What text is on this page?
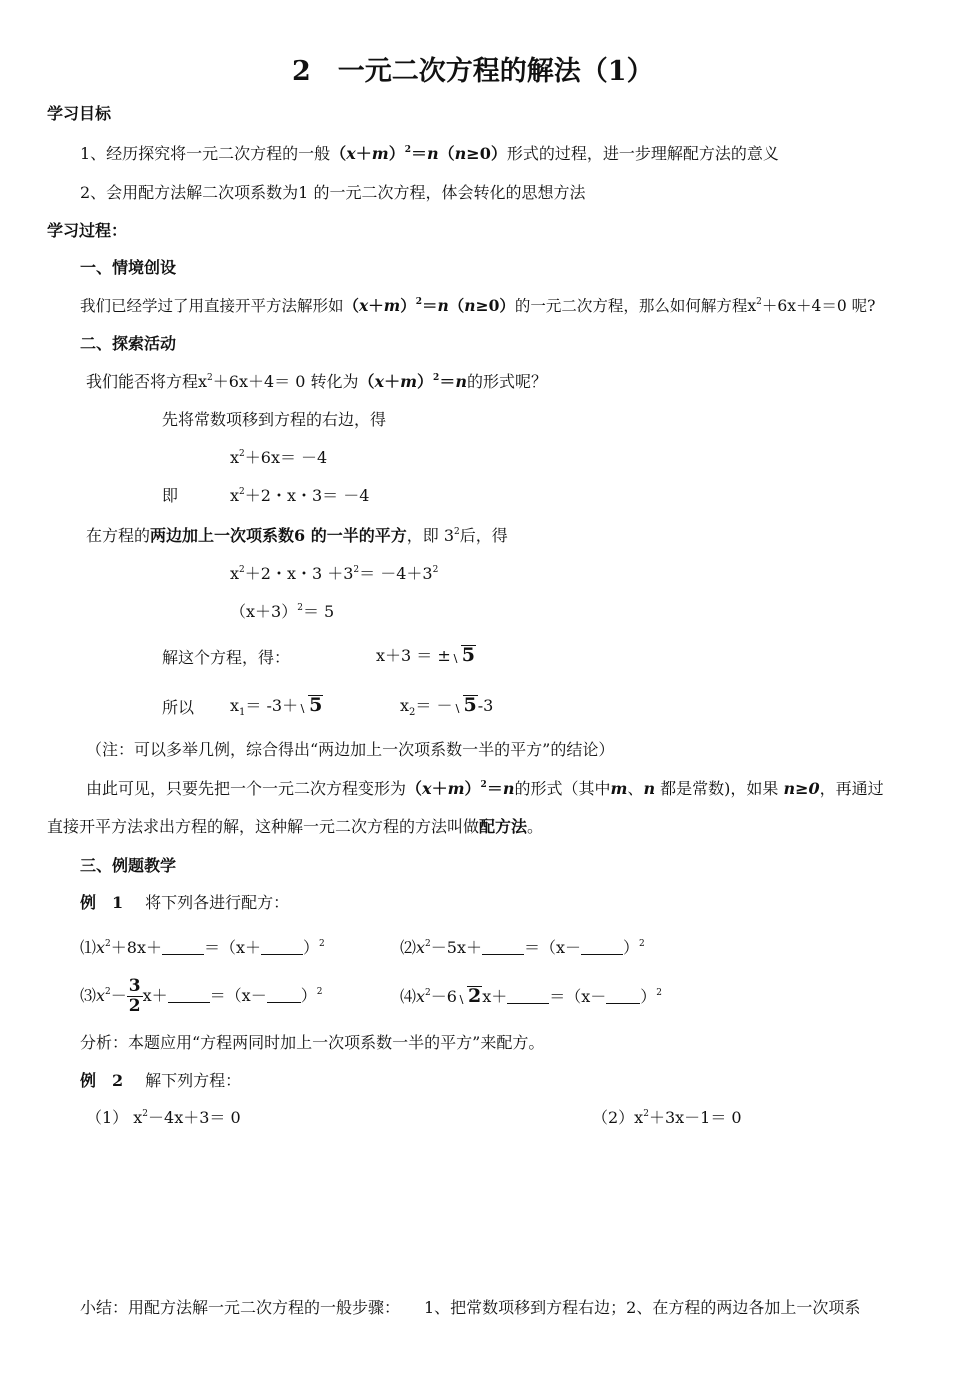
2　一元二次方程的解法（1）
学习目标
1、经历探究将一元二次方程的一般$(x+m)^2=n(n\ge 0)$形式的过程，进一步理解配方法的意义
2、会用配方法解二次项系数为1 的一元二次方程，体会转化的思想方法
学习过程：
一、情境创设
我们已经学过了用直接开平方法解形如$(x+m)^2=n(n\ge 0)$的一元二次方程，那么如何解方程$x^2+6x+4=0$ 呢?
二、探索活动
我们能否将方程$x^2+6x+4= 0$ 转化为$(x+m)^2=n$的形式呢？
先将常数项移到方程的右边，得
$x^2+6x= -4$
即	$x^2+2$・x・3＝ －4
在方程的两边加上一次项系数6 的一半的平方，即 $3^2$后，得
$x^2+2$・x・$3 +3^2= -4+3^2$
$(x+3)^2= 5$
解这个方程，得：	x＋3 ＝ ± 5
所以 $x_1= -3+ 5$	$x_2= - 5-3$
（注：可以多举几例，综合得出“两边加上一次项系数一半的平方”的结论）
由此可见，只要先把一个一元二次方程变形为$(x+m)^2=n$的形式（其中m、n 都是常数)，如果 n≥0，再通过
直接开平方法求出方程的解，这种解一元二次方程的方法叫做配方法。
三、例题教学
例　1 将下列各进行配方：
$⑴x^2+8x+$	＝（x＋	）$^2$	$⑵x^2-5x+$	＝（x－	）$^2$
$⑶x^2- \frac{3}{2} x+$	$=(x- )^2$	$⑷x^2-6$ 2x＋	$=(x- )^2$
分析：本题应用“方程两同时加上一次项系数一半的平方”来配方。
例　2 解下列方程：
（1） $x^2-4x+3= 0$	$(2)x^2+3x-1= 0$
小结：用配方法解一元二次方程的一般步骤：　　1、把常数项移到方程右边；2、在方程的两边各加上一次项系
